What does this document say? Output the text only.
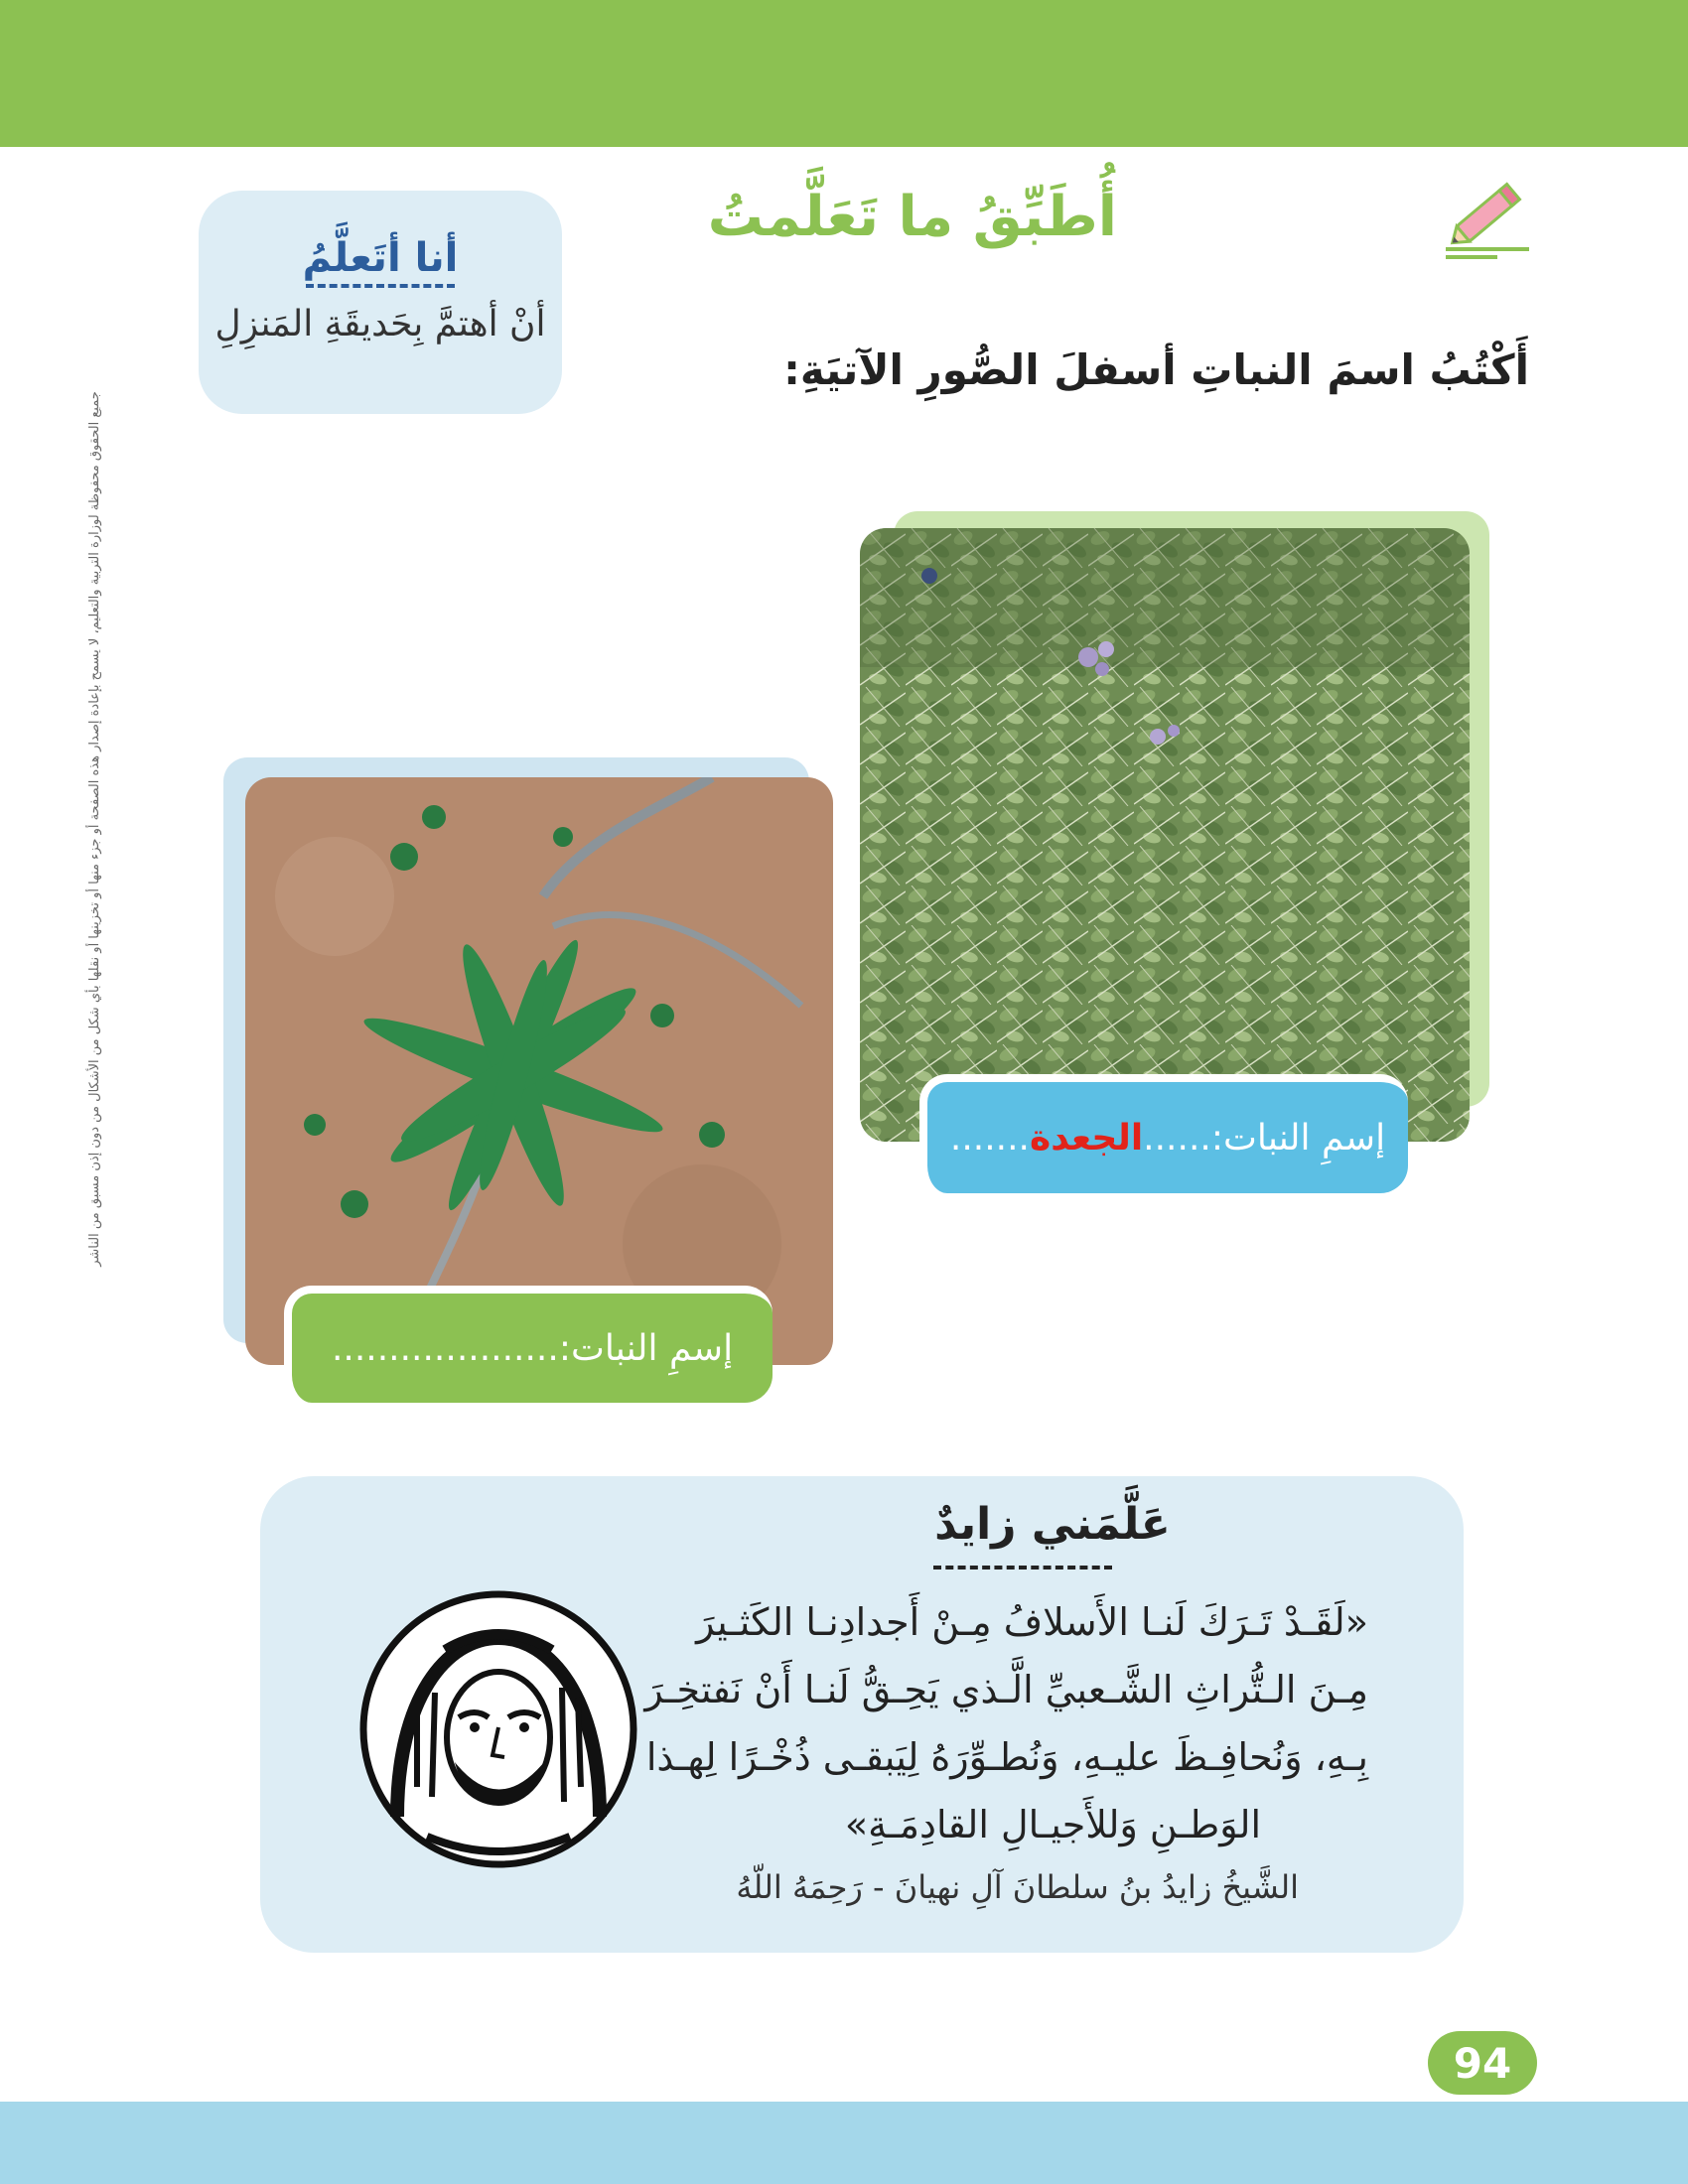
أُطَبِّقُ ما تَعَلَّمتُ
أنا أتَعلَّمُ
أنْ أهتمَّ بِحَديقَةِ المَنزِلِ
أَكْتُبُ اسمَ النباتِ أسفلَ الصُّورِ الآتيَةِ:
إسمِ النبات:
......
الجعدة
.......
إسمِ النبات:
....................
عَلَّمَني زايدٌ
«لَقَـدْ تَـرَكَ لَنـا الأَسلافُ مِـنْ أَجدادِنـا الكَثـيرَ
مِـنَ الـتُّراثِ الشَّـعبيِّ الَّـذي يَحِـقُّ لَنـا أَنْ نَفتخِـرَ
بِـهِ، وَنُحافِـظَ عليـهِ، وَنُطـوِّرَهُ لِيَبقـى ذُخْـرًا لِهـذا
الوَطـنِ وَللأَجيـالِ القادِمَـةِ»
الشَّيخُ زايدُ بنُ سلطانَ آلِ نهيانَ - رَحِمَهُ اللّهُ
جميع الحقوق محفوظة لوزارة التربية والتعليم، لا يسمح بإعادة إصدار هذه الصفحة أو جزء منها أو تخزينها أو نقلها بأي شكل من الأشكال من دون إذن مسبق من الناشر
94
